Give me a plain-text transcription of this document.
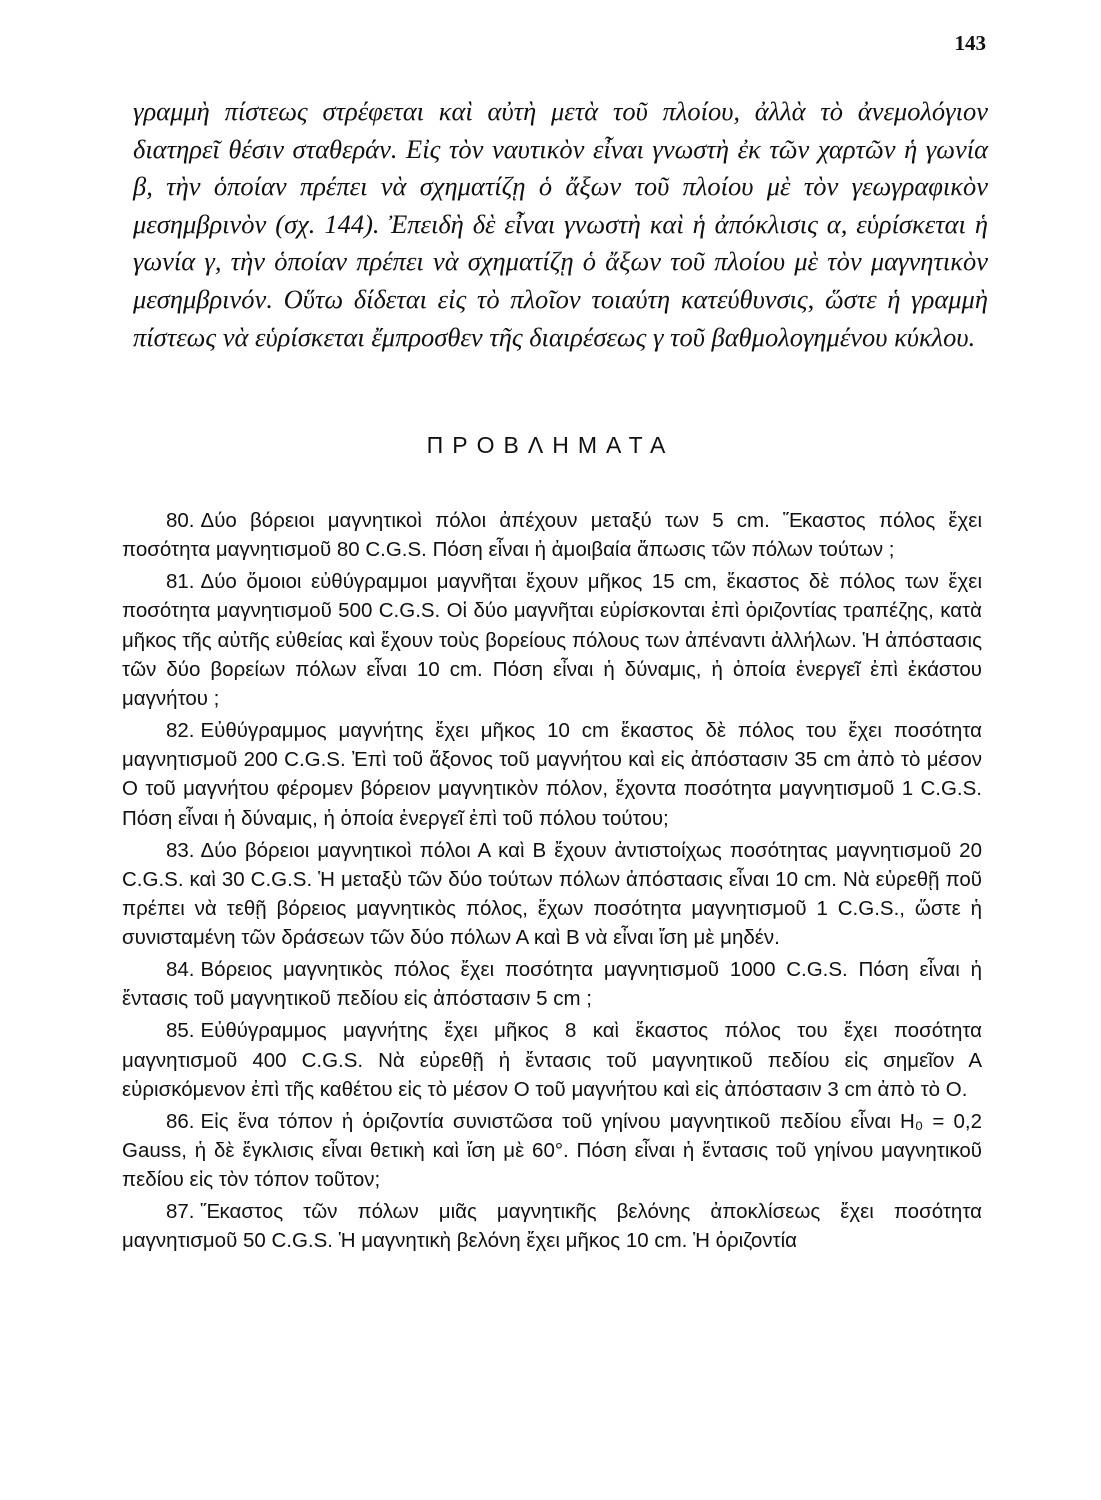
143

γραμμὴ πίστεως στρέφεται καὶ αὐτὴ μετὰ τοῦ πλοίου, ἀλλὰ τὸ ἀνεμολόγιον διατηρεῖ θέσιν σταθεράν. Εἰς τὸν ναυτικὸν εἶναι γνωστὴ ἐκ τῶν χαρτῶν ἡ γωνία β, τὴν ὁποίαν πρέπει νὰ σχηματίζῃ ὁ ἄξων τοῦ πλοίου μὲ τὸν γεωγραφικὸν μεσημβρινὸν (σχ. 144). Ἐπειδὴ δὲ εἶναι γνωστὴ καὶ ἡ ἀπόκλισις α, εὑρίσκεται ἡ γωνία γ, τὴν ὁποίαν πρέπει νὰ σχηματίζῃ ὁ ἄξων τοῦ πλοίου μὲ τὸν μαγνητικὸν μεσημβρινόν. Οὕτω δίδεται εἰς τὸ πλοῖον τοιαύτη κατεύθυνσις, ὥστε ἡ γραμμὴ πίστεως νὰ εὑρίσκεται ἔμπροσθεν τῆς διαιρέσεως γ τοῦ βαθμολογημένου κύκλου.

ΠΡΟΒΛΗΜΑΤΑ

80. Δύο βόρειοι μαγνητικοὶ πόλοι ἀπέχουν μεταξύ των 5 cm. Ἕκαστος πόλος ἔχει ποσότητα μαγνητισμοῦ 80 C.G.S. Πόση εἶναι ἡ ἀμοιβαία ἄπωσις τῶν πόλων τούτων ;

81. Δύο ὅμοιοι εὐθύγραμμοι μαγνῆται ἔχουν μῆκος 15 cm, ἕκαστος δὲ πόλος των ἔχει ποσότητα μαγνητισμοῦ 500 C.G.S. Οἱ δύο μαγνῆται εὑρίσκονται ἐπὶ ὁριζοντίας τραπέζης, κατὰ μῆκος τῆς αὐτῆς εὐθείας καὶ ἔχουν τοὺς βορείους πόλους των ἀπέναντι ἀλλήλων. Ἡ ἀπόστασις τῶν δύο βορείων πόλων εἶναι 10 cm. Πόση εἶναι ἡ δύναμις, ἡ ὁποία ἐνεργεῖ ἐπὶ ἑκάστου μαγνήτου ;

82. Εὐθύγραμμος μαγνήτης ἔχει μῆκος 10 cm ἕκαστος δὲ πόλος του ἔχει ποσότητα μαγνητισμοῦ 200 C.G.S. Ἐπὶ τοῦ ἄξονος τοῦ μαγνήτου καὶ εἰς ἀπόστασιν 35 cm ἀπὸ τὸ μέσον Ο τοῦ μαγνήτου φέρομεν βόρειον μαγνητικὸν πόλον, ἔχοντα ποσότητα μαγνητισμοῦ 1 C.G.S. Πόση εἶναι ἡ δύναμις, ἡ ὁποία ἐνεργεῖ ἐπὶ τοῦ πόλου τούτου;

83. Δύο βόρειοι μαγνητικοὶ πόλοι Α καὶ Β ἔχουν ἀντιστοίχως ποσότητας μαγνητισμοῦ 20 C.G.S. καὶ 30 C.G.S. Ἡ μεταξὺ τῶν δύο τούτων πόλων ἀπόστασις εἶναι 10 cm. Νὰ εὑρεθῇ ποῦ πρέπει νὰ τεθῇ βόρειος μαγνητικὸς πόλος, ἔχων ποσότητα μαγνητισμοῦ 1 C.G.S., ὥστε ἡ συνισταμένη τῶν δράσεων τῶν δύο πόλων Α καὶ Β νὰ εἶναι ἴση μὲ μηδέν.

84. Βόρειος μαγνητικὸς πόλος ἔχει ποσότητα μαγνητισμοῦ 1000 C.G.S. Πόση εἶναι ἡ ἔντασις τοῦ μαγνητικοῦ πεδίου εἰς ἀπόστασιν 5 cm ;

85. Εὐθύγραμμος μαγνήτης ἔχει μῆκος 8 καὶ ἕκαστος πόλος του ἔχει ποσότητα μαγνητισμοῦ 400 C.G.S. Νὰ εὑρεθῇ ἡ ἔντασις τοῦ μαγνητικοῦ πεδίου εἰς σημεῖον Α εὑρισκόμενον ἐπὶ τῆς καθέτου εἰς τὸ μέσον Ο τοῦ μαγνήτου καὶ εἰς ἀπόστασιν 3 cm ἀπὸ τὸ Ο.

86. Εἰς ἕνα τόπον ἡ ὁριζοντία συνιστῶσα τοῦ γηίνου μαγνητικοῦ πεδίου εἶναι H₀ = 0,2 Gauss, ἡ δὲ ἔγκλισις εἶναι θετικὴ καὶ ἴση μὲ 60°. Πόση εἶναι ἡ ἔντασις τοῦ γηίνου μαγνητικοῦ πεδίου εἰς τὸν τόπον τοῦτον;

87. Ἕκαστος τῶν πόλων μιᾶς μαγνητικῆς βελόνης ἀποκλίσεως ἔχει ποσότητα μαγνητισμοῦ 50 C.G.S. Ἡ μαγνητικὴ βελόνη ἔχει μῆκος 10 cm. Ἡ ὁριζοντία
